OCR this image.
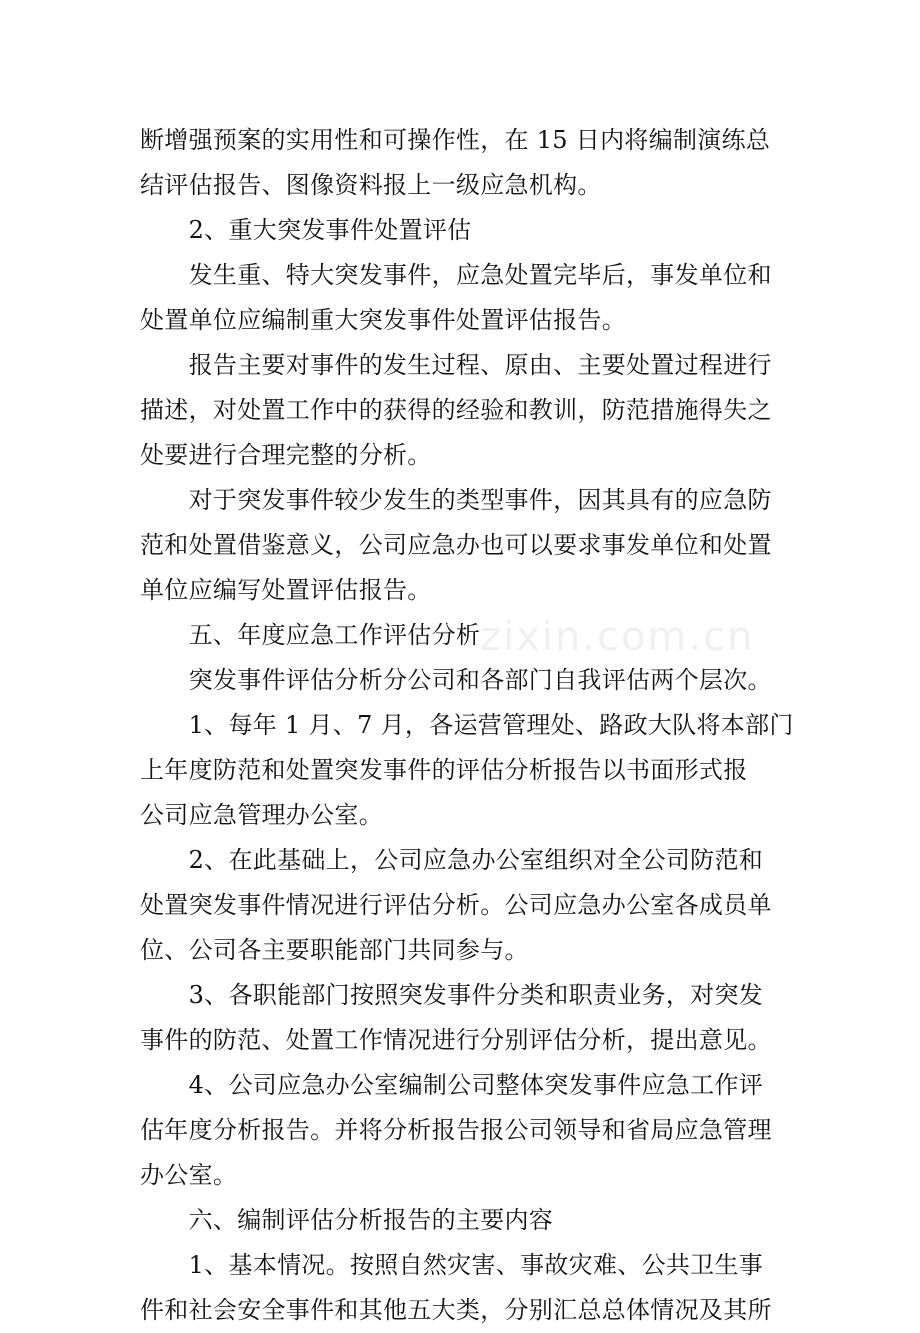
断增强预案的实用性和可操作性，在 15 日内将编制演练总
结评估报告、图像资料报上一级应急机构。
　　2、重大突发事件处置评估
　　发生重、特大突发事件，应急处置完毕后，事发单位和
处置单位应编制重大突发事件处置评估报告。
　　报告主要对事件的发生过程、原由、主要处置过程进行
描述，对处置工作中的获得的经验和教训，防范措施得失之
处要进行合理完整的分析。
　　对于突发事件较少发生的类型事件，因其具有的应急防
范和处置借鉴意义，公司应急办也可以要求事发单位和处置
单位应编写处置评估报告。
　　五、年度应急工作评估分析
　　突发事件评估分析分公司和各部门自我评估两个层次。
　　1、每年 1 月、7 月，各运营管理处、路政大队将本部门
上年度防范和处置突发事件的评估分析报告以书面形式报
公司应急管理办公室。
　　2、在此基础上，公司应急办公室组织对全公司防范和
处置突发事件情况进行评估分析。公司应急办公室各成员单
位、公司各主要职能部门共同参与。
　　3、各职能部门按照突发事件分类和职责业务，对突发
事件的防范、处置工作情况进行分别评估分析，提出意见。
　　4、公司应急办公室编制公司整体突发事件应急工作评
估年度分析报告。并将分析报告报公司领导和省局应急管理
办公室。
　　六、编制评估分析报告的主要内容
　　1、基本情况。按照自然灾害、事故灾难、公共卫生事
件和社会安全事件和其他五大类，分别汇总总体情况及其所
zixin.com.cn
